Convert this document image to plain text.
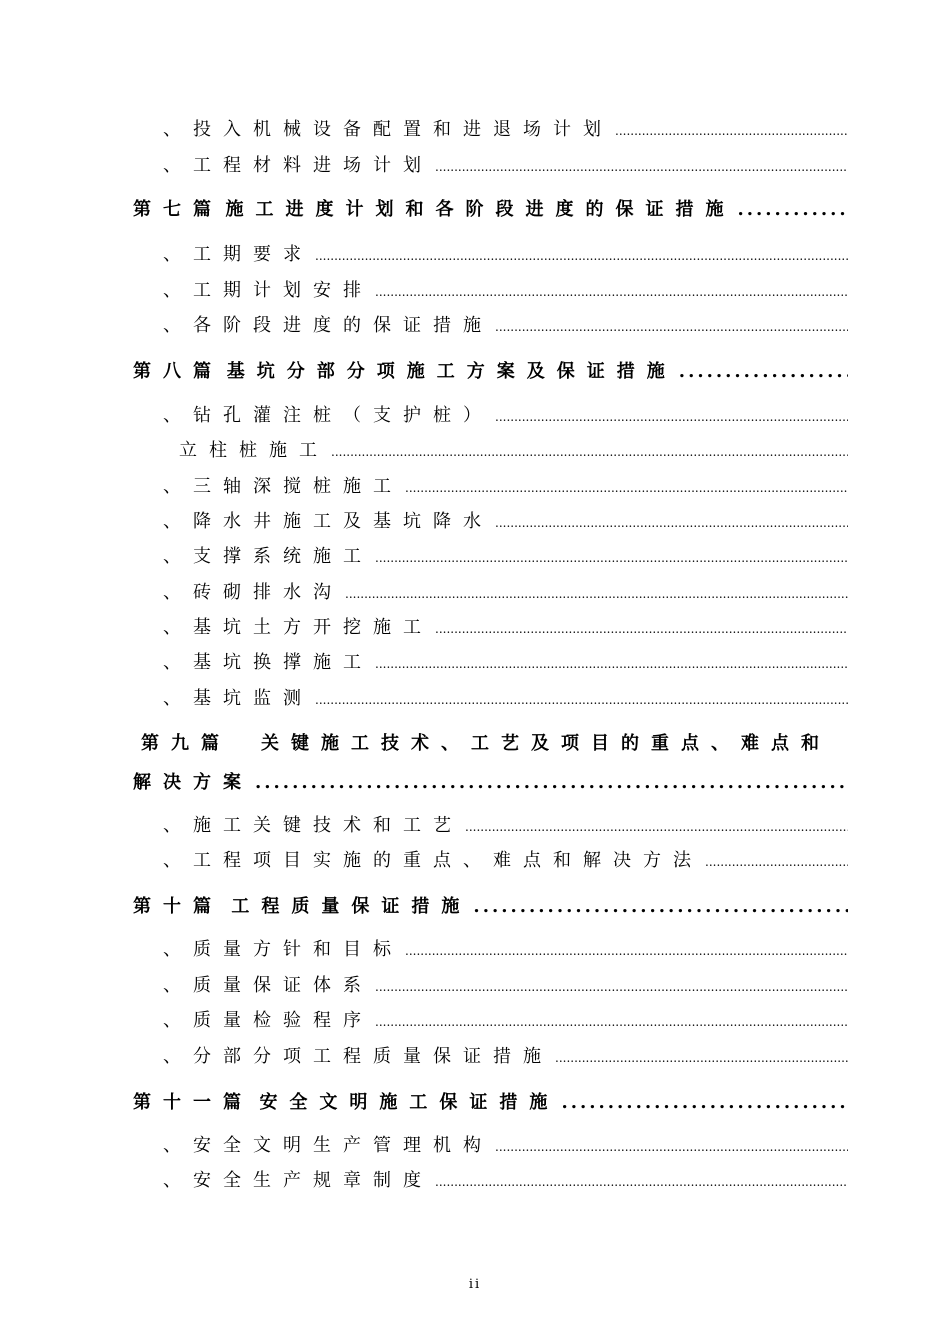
、投入机械设备配置和进退场计划
.....
、工程材料进场计划
.....
第七篇 施工进度计划和各阶段进度的保证措施
.....
、工期要求
.....
、工期计划安排
.....
、各阶段进度的保证措施
.....
第八篇 基坑分部分项施工方案及保证措施
.....
、钻孔灌注桩（支护桩）
.....
立柱桩施工
.....
、三轴深搅桩施工
.....
、降水井施工及基坑降水
.....
、支撑系统施工
.....
、砖砌排水沟
.....
、基坑土方开挖施工
.....
、基坑换撑施工
.....
、基坑监测
.....
第九篇 关键施工技术、工艺及项目的重点、难点和
解决方案
.....
、施工关键技术和工艺
.....
、工程项目实施的重点、难点和解决方法
.....
第十篇 工程质量保证措施
.....
、质量方针和目标
.....
、质量保证体系
.....
、质量检验程序
.....
、分部分项工程质量保证措施
.....
第十一篇 安全文明施工保证措施
.....
、安全文明生产管理机构
.....
、安全生产规章制度
.....
ii
